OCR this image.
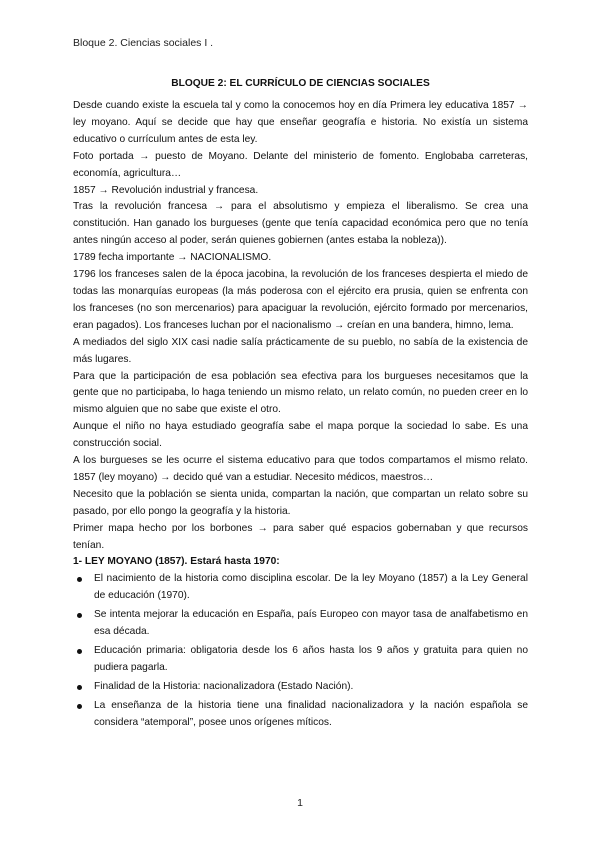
Bloque 2. Ciencias sociales I .
BLOQUE 2: EL CURRÍCULO DE CIENCIAS SOCIALES

Desde cuando existe la escuela tal y como la conocemos hoy en día Primera ley educativa 1857 → ley moyano. Aquí se decide que hay que enseñar geografía e historia. No existía un sistema educativo o currículum antes de esta ley.

Foto portada → puesto de Moyano. Delante del ministerio de fomento. Englobaba carreteras, economía, agricultura…

1857 → Revolución industrial y francesa.

Tras la revolución francesa → para el absolutismo y empieza el liberalismo. Se crea una constitución. Han ganado los burgueses (gente que tenía capacidad económica pero que no tenía antes ningún acceso al poder, serán quienes gobiernen (antes estaba la nobleza)).

1789 fecha importante → NACIONALISMO.

1796 los franceses salen de la época jacobina, la revolución de los franceses despierta el miedo de todas las monarquías europeas (la más poderosa con el ejército era prusia, quien se enfrenta con los franceses (no son mercenarios) para apaciguar la revolución, ejército formado por mercenarios, eran pagados). Los franceses luchan por el nacionalismo → creían en una bandera, himno, lema.

A mediados del siglo XIX casi nadie salía prácticamente de su pueblo, no sabía de la existencia de más lugares.

Para que la participación de esa población sea efectiva para los burgueses necesitamos que la gente que no participaba, lo haga teniendo un mismo relato, un relato común, no pueden creer en lo mismo alguien que no sabe que existe el otro.

Aunque el niño no haya estudiado geografía sabe el mapa porque la sociedad lo sabe. Es una construcción social.

A los burgueses se les ocurre el sistema educativo para que todos compartamos el mismo relato. 1857 (ley moyano) → decido qué van a estudiar. Necesito médicos, maestros…

Necesito que la población se sienta unida, compartan la nación, que compartan un relato sobre su pasado, por ello pongo la geografía y la historia.

Primer mapa hecho por los borbones → para saber qué espacios gobernaban y que recursos tenían.

1- LEY MOYANO (1857). Estará hasta 1970:
El nacimiento de la historia como disciplina escolar. De la ley Moyano (1857) a la Ley General de educación (1970).
Se intenta mejorar la educación en España, país Europeo con mayor tasa de analfabetismo en esa década.
Educación primaria: obligatoria desde los 6 años hasta los 9 años y gratuita para quien no pudiera pagarla.
Finalidad de la Historia: nacionalizadora (Estado Nación).
La enseñanza de la historia tiene una finalidad nacionalizadora y la nación española se considera “atemporal”, posee unos orígenes míticos.
1
